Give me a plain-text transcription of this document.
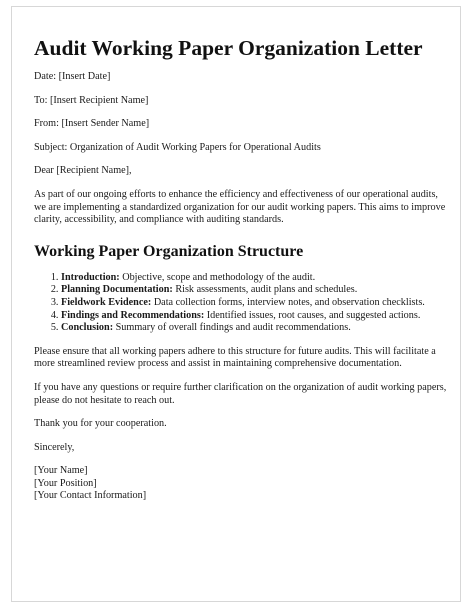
Audit Working Paper Organization Letter

Date: [Insert Date]

To: [Insert Recipient Name]

From: [Insert Sender Name]

Subject: Organization of Audit Working Papers for Operational Audits

Dear [Recipient Name],

As part of our ongoing efforts to enhance the efficiency and effectiveness of our operational audits, we are implementing a standardized organization for our audit working papers. This aims to improve clarity, accessibility, and compliance with auditing standards.

Working Paper Organization Structure
1. Introduction: Objective, scope and methodology of the audit.
2. Planning Documentation: Risk assessments, audit plans and schedules.
3. Fieldwork Evidence: Data collection forms, interview notes, and observation checklists.
4. Findings and Recommendations: Identified issues, root causes, and suggested actions.
5. Conclusion: Summary of overall findings and audit recommendations.

Please ensure that all working papers adhere to this structure for future audits. This will facilitate a more streamlined review process and assist in maintaining comprehensive documentation.

If you have any questions or require further clarification on the organization of audit working papers, please do not hesitate to reach out.

Thank you for your cooperation.

Sincerely,

[Your Name]
[Your Position]
[Your Contact Information]
